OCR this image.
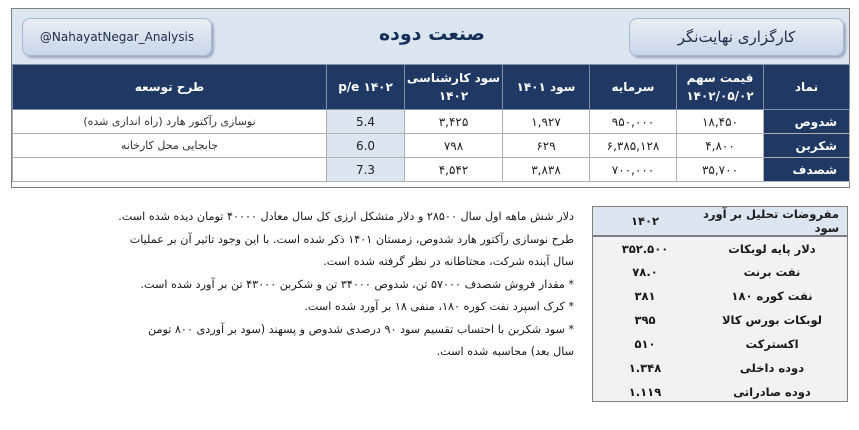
@NahayatNegar_Analysis	صنعت دوده	کارگزاری نهایت‌نگر
نماد	قیمت سهم ۱۴۰۲/۰۵/۰۲	سرمایه	سود ۱۴۰۱	سود کارشناسی ۱۴۰۲	p/e ۱۴۰۲	طرح توسعه
شدوص	۱۸,۴۵۰	۹۵۰,۰۰۰	۱,۹۲۷	۳,۴۲۵	5.4	نوسازی رآکتور هارد (راه اندازی شده)
شکربن	۴,۸۰۰	۶,۳۸۵,۱۲۸	۶۲۹	۷۹۸	6.0	جابجایی محل کارخانه
شصدف	۳۵,۷۰۰	۷۰۰,۰۰۰	۳,۸۳۸	۴,۵۴۲	7.3	

دلار شش ماهه اول سال ۲۸۵۰۰ و دلار متشکل ارزی کل سال معادل ۴۰۰۰۰ تومان دیده شده است.

طرح نوسازی رآکتور هارد شدوص، زمستان ۱۴۰۱ ذکر شده است. با این وجود تاثیر آن بر عملیات

سال آینده شرکت، محتاطانه در نظر گرفته شده است.

* مقدار فروش شصدف ۵۷۰۰۰ تن، شدوص ۳۴۰۰۰ تن و شکربن ۴۳۰۰۰ تن بر آورد شده است.

* کرک اسپرد نفت کوره ۱۸۰، منفی ۱۸ بر آورد شده است.

* سود شکربن با احتساب تقسیم سود ۹۰ درصدی شدوص و پسهند (سود بر آوردی ۸۰۰ تومن

سال بعد) محاسبه شده است.

مفروضات تحلیل بر آورد سود	۱۴۰۲
دلار پایه لوبکات	۳۵۲.۵۰۰
نفت برنت	۷۸.۰
نفت کوره ۱۸۰	۳۸۱
لوبکات بورس کالا	۳۹۵
اکسترکت	۵۱۰
دوده داخلی	۱.۳۴۸
دوده صادراتی	۱.۱۱۹
